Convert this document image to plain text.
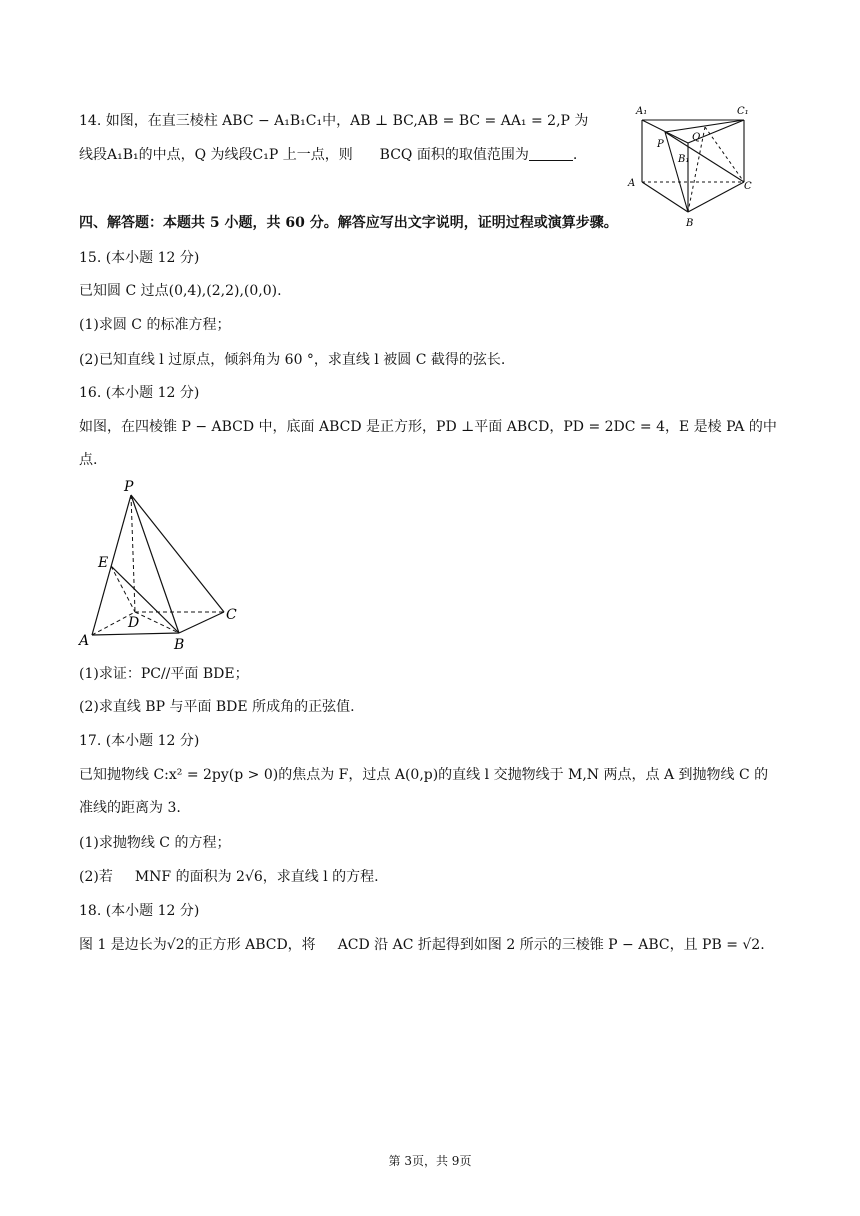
14. 如图，在直三棱柱 ABC − A₁B₁C₁中，AB ⊥ BC,AB = BC = AA₁ = 2,P 为
线段A₁B₁的中点，Q 为线段C₁P 上一点，则 BCQ 面积的取值范围为	.
A₁	C₁
P
Q
B₁
A	C
B
四、解答题：本题共 5 小题，共 60 分。解答应写出文字说明，证明过程或演算步骤。
15. (本小题 12 分)
已知圆 C 过点(0,4),(2,2),(0,0).
(1)求圆 C 的标准方程；
(2)已知直线 l 过原点，倾斜角为 60 °，求直线 l 被圆 C 截得的弦长.
16. (本小题 12 分)
如图，在四棱锥 P − ABCD 中，底面 ABCD 是正方形，PD ⊥平面 ABCD，PD = 2DC = 4，E 是棱 PA 的中
点.
P
E
C
D
A	B
(1)求证：PC//平面 BDE；
(2)求直线 BP 与平面 BDE 所成角的正弦值.
17. (本小题 12 分)
已知抛物线 C:x² = 2py(p > 0)的焦点为 F，过点 A(0,p)的直线 l 交抛物线于 M,N 两点，点 A 到抛物线 C 的
准线的距离为 3.
(1)求抛物线 C 的方程；
(2)若 MNF 的面积为 2√6，求直线 l 的方程.
18. (本小题 12 分)
图 1 是边长为√2的正方形 ABCD，将 ACD 沿 AC 折起得到如图 2 所示的三棱锥 P − ABC，且 PB = √2.
第 3页，共 9页
